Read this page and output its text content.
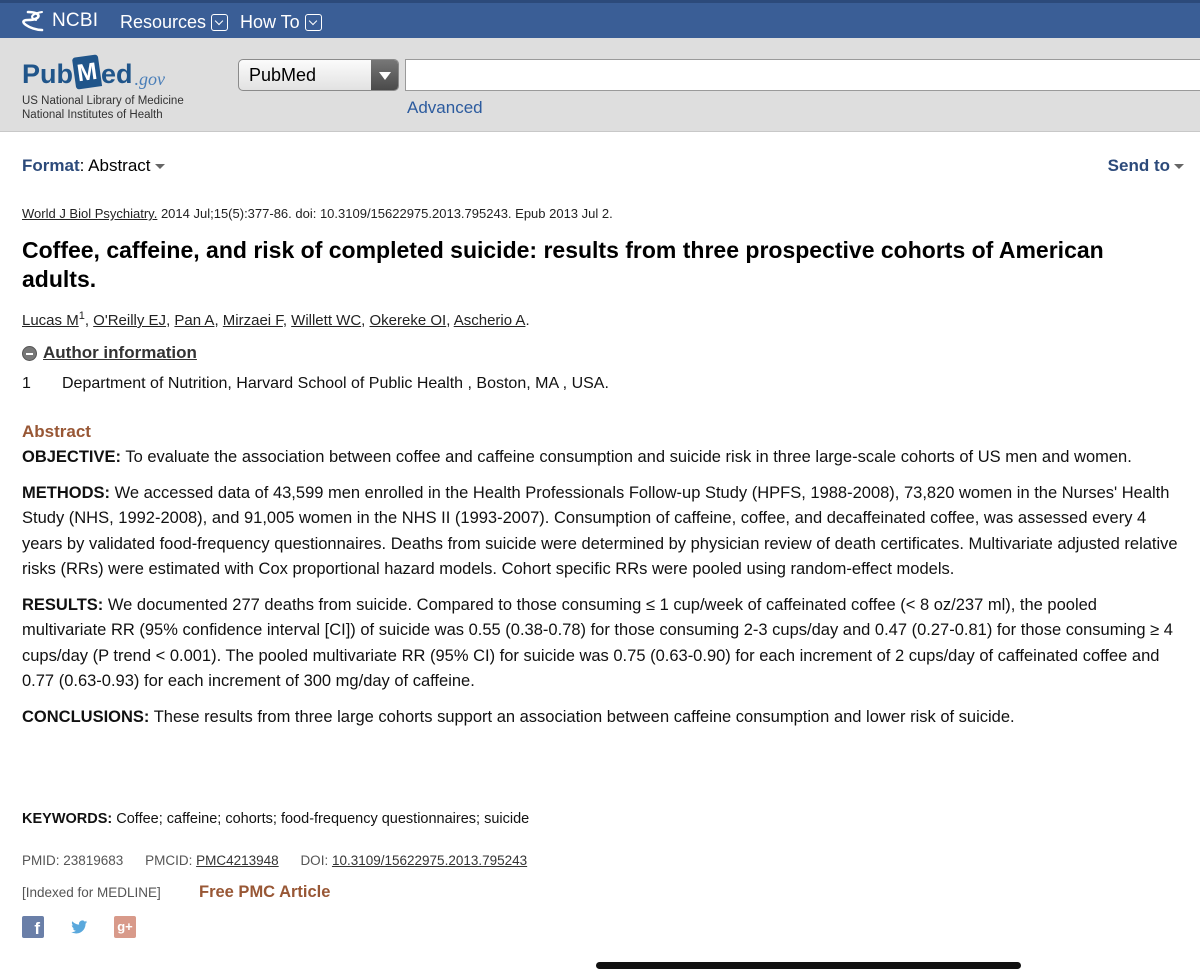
NCBI Resources How To
Pub M ed .gov
US National Library of Medicine
National Institutes of Health
PubMed
Advanced
Format: Abstract	Send to
World J Biol Psychiatry. 2014 Jul;15(5):377-86. doi: 10.3109/15622975.2013.795243. Epub 2013 Jul 2.
Coffee, caffeine, and risk of completed suicide: results from three prospective cohorts of American adults.
Lucas $M^1$, O'Reilly EJ, Pan A, Mirzaei F, Willett WC, Okereke OI, Ascherio A.
Author information
1	Department of Nutrition, Harvard School of Public Health , Boston, MA , USA.
Abstract

OBJECTIVE: To evaluate the association between coffee and caffeine consumption and suicide risk in three large-scale cohorts of US men and women.

METHODS: We accessed data of 43,599 men enrolled in the Health Professionals Follow-up Study (HPFS, 1988-2008), 73,820 women in the Nurses' Health Study (NHS, 1992-2008), and 91,005 women in the NHS II (1993-2007). Consumption of caffeine, coffee, and decaffeinated coffee, was assessed every 4 years by validated food-frequency questionnaires. Deaths from suicide were determined by physician review of death certificates. Multivariate adjusted relative risks (RRs) were estimated with Cox proportional hazard models. Cohort specific RRs were pooled using random-effect models.

RESULTS: We documented 277 deaths from suicide. Compared to those consuming ≤ 1 cup/week of caffeinated coffee (< 8 oz/237 ml), the pooled multivariate RR (95% confidence interval [CI]) of suicide was 0.55 (0.38-0.78) for those consuming 2-3 cups/day and 0.47 (0.27-0.81) for those consuming ≥ 4 cups/day (P trend < 0.001). The pooled multivariate RR (95% CI) for suicide was 0.75 (0.63-0.90) for each increment of 2 cups/day of caffeinated coffee and 0.77 (0.63-0.93) for each increment of 300 mg/day of caffeine.

CONCLUSIONS: These results from three large cohorts support an association between caffeine consumption and lower risk of suicide.

KEYWORDS: Coffee; caffeine; cohorts; food-frequency questionnaires; suicide
PMID: 23819683 PMCID: PMC4213948 DOI: 10.3109/15622975.2013.795243
[Indexed for MEDLINE] Free PMC Article
f	g+
